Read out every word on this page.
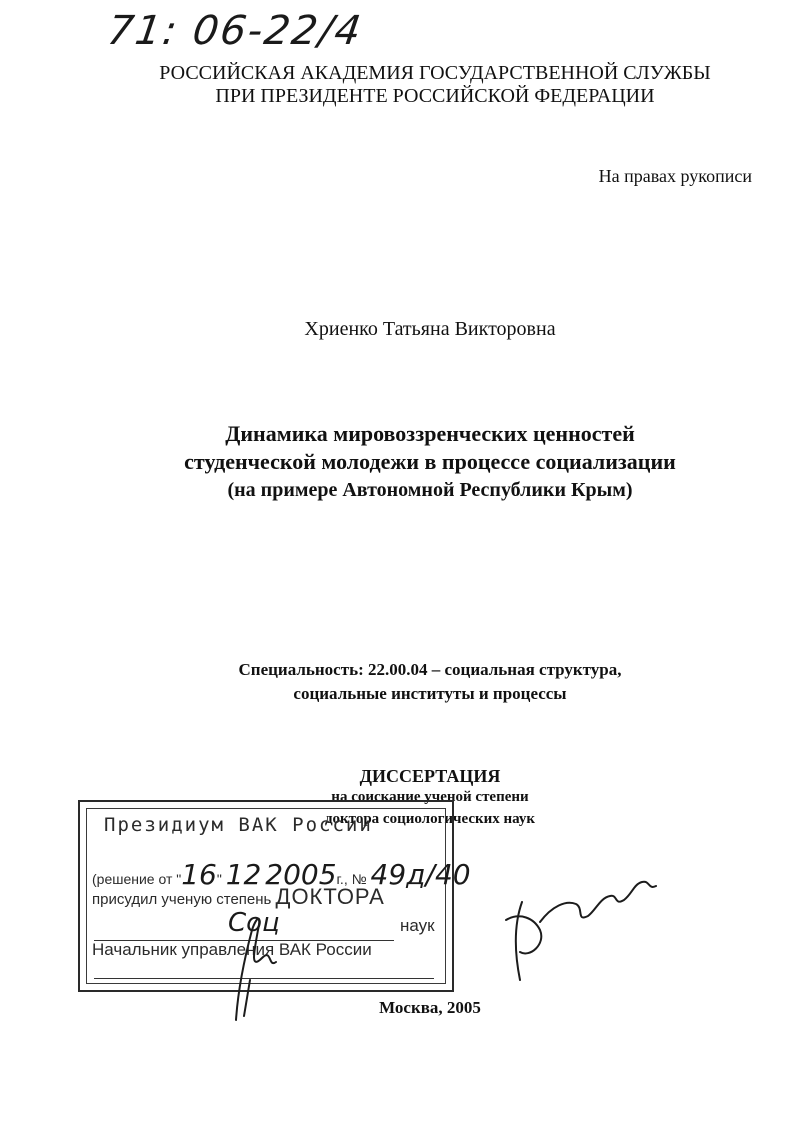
71: 06-22/4
РОССИЙСКАЯ АКАДЕМИЯ ГОСУДАРСТВЕННОЙ СЛУЖБЫ
ПРИ ПРЕЗИДЕНТЕ РОССИЙСКОЙ ФЕДЕРАЦИИ
На правах рукописи
Хриенко Татьяна Викторовна
Динамика мировоззренческих ценностей
студенческой молодежи в процессе социализации
(на примере Автономной Республики Крым)
Специальность: 22.00.04 – социальная структура,
социальные институты и процессы
ДИССЕРТАЦИЯ
на соискание ученой степени
доктора социологических наук
Президиум ВАК России
(решение от "16" 12 2005г., № 49д/40
присудил ученую степень ДОКТОРА
Соц	наук
Начальник управления ВАК России
Москва, 2005
